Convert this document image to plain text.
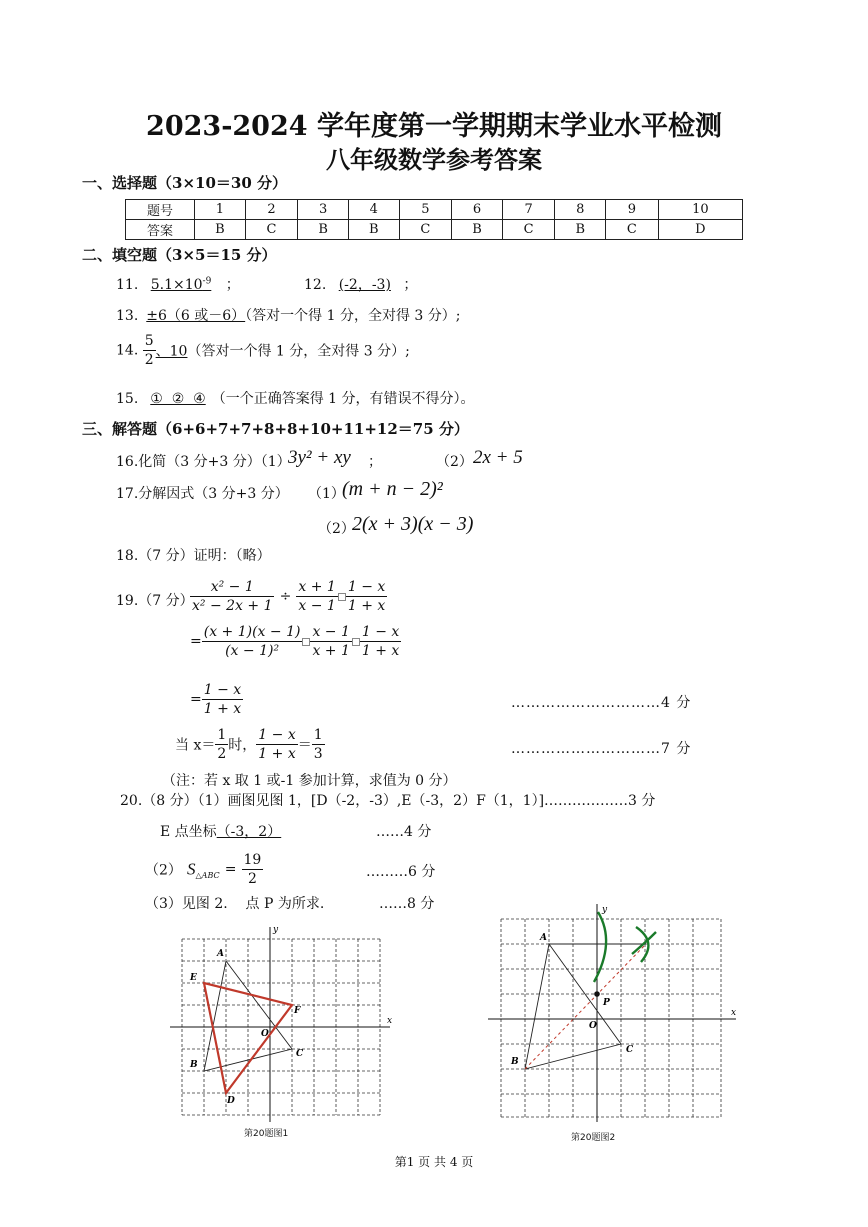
2023-2024 学年度第一学期期末学业水平检测
八年级数学参考答案
一、选择题（3×10＝30 分）
题号	1	2	3	4	5	6	7	8	9	10
答案	B	C	B	B	C	B	C	B	C	D
二、填空题（3×5＝15 分）
11. $5.1\times 10^{-9}$ ；	12. (-2，-3) ；
13. ±6（6 或－6）（答对一个得 1 分，全对得 3 分）;
14. $\frac{5}{2}$ 、10（答对一个得 1 分，全对得 3 分）;
15. ①  ②  ④ （一个正确答案得 1 分，有错误不得分）。
三、解答题（6+6+7+7+8+8+10+11+12＝75 分）
16.化简（3 分+3 分）（1）
3y² + xy ；	（2） 2x + 5
17.分解因式（3 分+3 分） （1）
(m + n − 2)²
（2）
2(x + 3)(x − 3)
18.（7 分）证明：（略）
19.（7 分）
$\frac{\text{x² − 1}}{\text{x² − 2x + 1}} \div \frac{x + 1}{x - 1} \frac{1 - x}{1 + x}$
= $\frac{(x + 1)(x - 1)}{\text{(x − 1)²}} \frac{x - 1}{x + 1} \frac{1 - x}{1 + x}$
= $\frac{1 - x}{1 + x}$	…………………………4 分
当 $x= \frac{1}{2}$ 时， $\frac{1 - x}{1 + x} = \frac{1}{3}$	…………………………7 分
（注：若 x 取 1 或-1 参加计算，求值为 0 分）
20.（8 分）（1）画图见图 1，[D（-2，-3）,E（-3，2）F（1，1）]………………3 分
E 点坐标（-3，2）	……4 分
（2） $S_{\triangle ABC} = \frac{19}{2}$	………6 分
（3）见图 2.    点 P 为所求.	……8 分
x
y
O
A
B
C
D
E
F
第20题图1
x
y
O
A
B
C
P
第20题图2
第1 页 共 4 页
